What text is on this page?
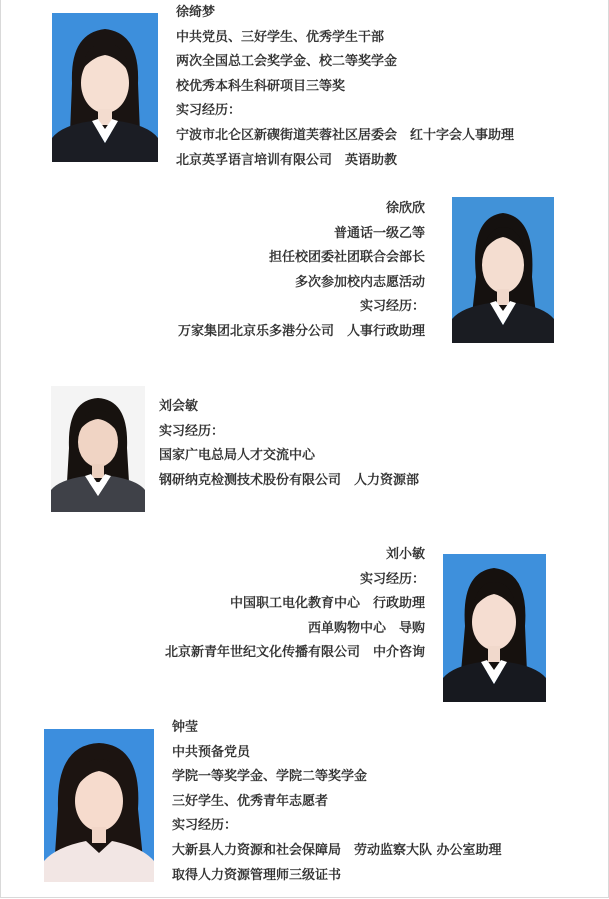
徐绮梦
中共党员、三好学生、优秀学生干部
两次全国总工会奖学金、校二等奖学金
校优秀本科生科研项目三等奖
实习经历：
宁波市北仑区新碶街道芙蓉社区居委会　红十字会人事助理
北京英孚语言培训有限公司　英语助教
徐欣欣
普通话一级乙等
担任校团委社团联合会部长
多次参加校内志愿活动
实习经历：
万家集团北京乐多港分公司　人事行政助理
刘会敏
实习经历：
国家广电总局人才交流中心
钢研纳克检测技术股份有限公司　人力资源部
刘小敏
实习经历：
中国职工电化教育中心　行政助理
西单购物中心　导购
北京新青年世纪文化传播有限公司　中介咨询
钟莹
中共预备党员
学院一等奖学金、学院二等奖学金
三好学生、优秀青年志愿者
实习经历：
大新县人力资源和社会保障局　劳动监察大队 办公室助理
取得人力资源管理师三级证书
